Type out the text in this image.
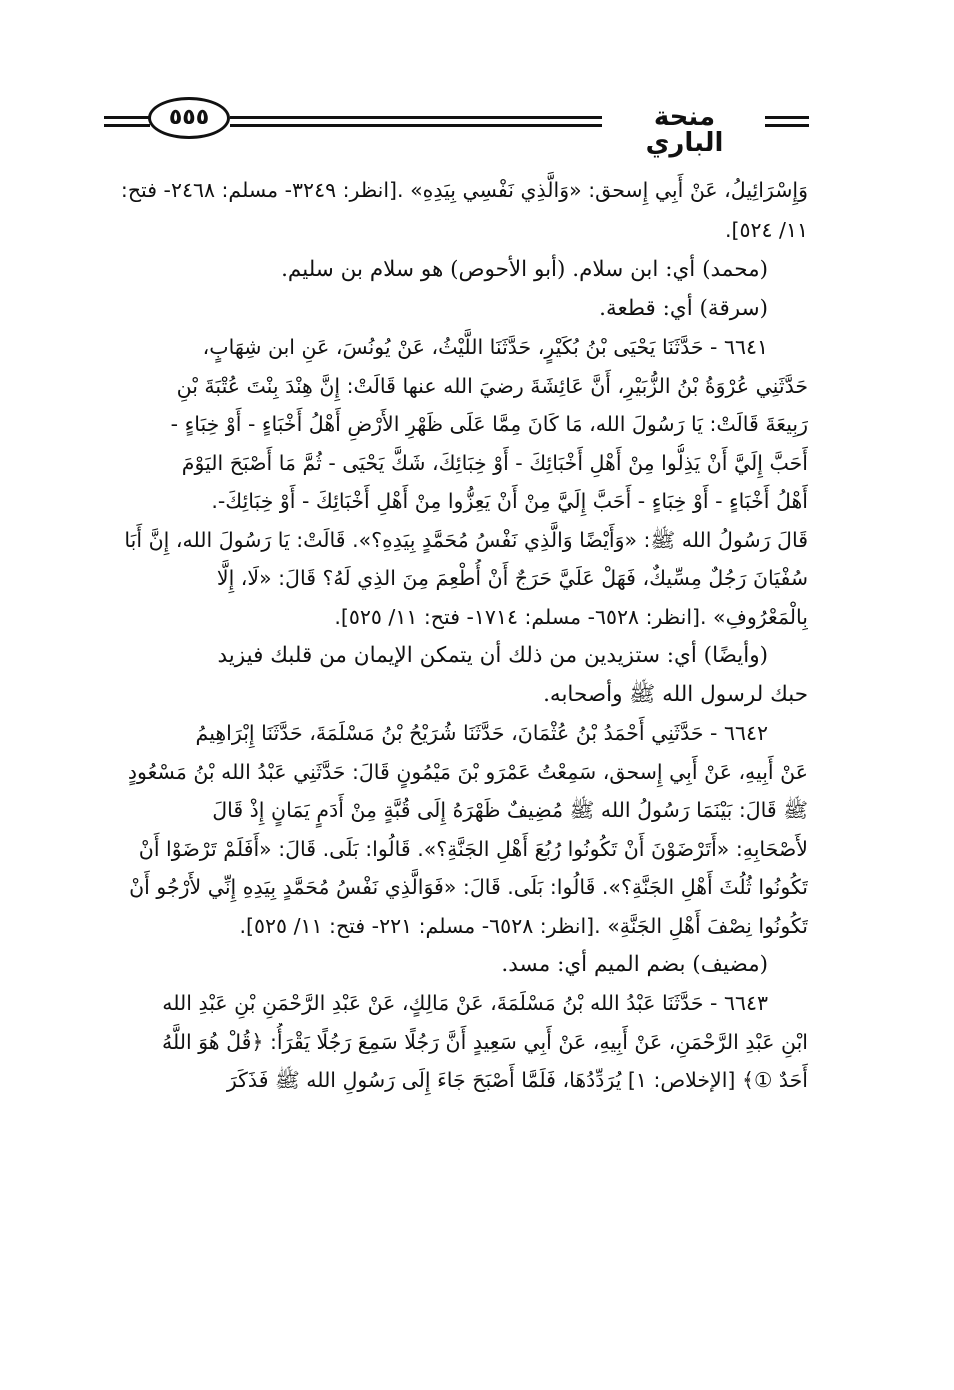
منحة الباري
٥٥٥
وَإِسْرَائِيلُ، عَنْ أَبِي إِسحق: «وَالَّذِي نَفْسِي بِيَدِهِ» .[انظر: ٣٢٤٩- مسلم: ٢٤٦٨- فتح:
١١/ ٥٢٤].
(محمد) أي: ابن سلام. (أبو الأحوص) هو سلام بن سليم.
(سرقة) أي: قطعة.
٦٦٤١ - حَدَّثَنَا يَحْيَى بْنُ بُكَيْرٍ، حَدَّثَنَا اللَّيْثُ، عَنْ يُونُسَ، عَنِ ابن شِهَابٍ،
حَدَّثَنِي عُرْوَةُ بْنُ الزُّبَيْرِ، أَنَّ عَائِشَةَ رضيَ الله عنها قَالَتْ: إِنَّ هِنْدَ بِنْتَ عُتْبَةَ بْنِ
رَبِيعَةَ قَالَتْ: يَا رَسُولَ الله، مَا كَانَ مِمَّا عَلَى ظَهْرِ الأَرْضِ أَهْلُ أَخْبَاءٍ - أَوْ خِبَاءٍ -
أَحَبَّ إِلَيَّ أَنْ يَذِلُّوا مِنْ أَهْلِ أَخْبَائِكَ - أَوْ خِبَائِكَ، شَكَّ يَحْيَى - ثُمَّ مَا أَصْبَحَ اليَوْمَ
أَهْلُ أَخْبَاءٍ - أَوْ خِبَاءٍ - أَحَبَّ إِلَيَّ مِنْ أَنْ يَعِزُّوا مِنْ أَهْلِ أَخْبَائِكَ - أَوْ خِبَائِكَ-.
قَالَ رَسُولُ الله ﷺ: «وَأَيْضًا وَالَّذِي نَفْسُ مُحَمَّدٍ بِيَدِهِ؟». قَالَتْ: يَا رَسُولَ الله، إِنَّ أَبَا
سُفْيَانَ رَجُلٌ مِسِّيكٌ، فَهَلْ عَلَيَّ حَرَجٌ أَنْ أُطْعِمَ مِنَ الذِي لَهُ؟ قَالَ: «لَا، إِلَّا
بِالْمَعْرُوفِ» .[انظر: ٦٥٢٨- مسلم: ١٧١٤- فتح: ١١/ ٥٢٥].
(وأيضًا) أي: ستزيدين من ذلك أن يتمكن الإيمان من قلبك فيزيد
حبك لرسول الله ﷺ وأصحابه.
٦٦٤٢ - حَدَّثَنِي أَحْمَدُ بْنُ عُثْمَانَ، حَدَّثَنَا شُرَيْحُ بْنُ مَسْلَمَةَ، حَدَّثَنَا إِبْرَاهِيمُ
عَنْ أَبِيهِ، عَنْ أَبِي إِسحق، سَمِعْتُ عَمْرَو بْنَ مَيْمُونٍ قَالَ: حَدَّثَنِي عَبْدُ الله بْنُ مَسْعُودٍ
ﷺ قَالَ: بَيْنَمَا رَسُولُ الله ﷺ مُضِيفٌ ظَهْرَهُ إِلَى قُبَّةٍ مِنْ أَدَمٍ يَمَانٍ إِذْ قَالَ
لأَصْحَابِهِ: «أَتَرْضَوْنَ أَنْ تَكُونُوا رُبُعَ أَهْلِ الجَنَّةِ؟». قَالُوا: بَلَى. قَالَ: «أَفَلَمْ تَرْضَوْا أَنْ
تَكُونُوا ثُلُثَ أَهْلِ الجَنَّةِ؟». قَالُوا: بَلَى. قَالَ: «فَوَالَّذِي نَفْسُ مُحَمَّدٍ بِيَدِهِ إِنِّي لأَرْجُو أَنْ
تَكُونُوا نِصْفَ أَهْلِ الجَنَّةِ» .[انظر: ٦٥٢٨- مسلم: ٢٢١- فتح: ١١/ ٥٢٥].
(مضيف) بضم الميم أي: مسد.
٦٦٤٣ - حَدَّثَنَا عَبْدُ الله بْنُ مَسْلَمَةَ، عَنْ مَالِكٍ، عَنْ عَبْدِ الرَّحْمَنِ بْنِ عَبْدِ الله
ابْنِ عَبْدِ الرَّحْمَنِ، عَنْ أَبِيهِ، عَنْ أَبِي سَعِيدٍ أَنَّ رَجُلًا سَمِعَ رَجُلًا يَقْرَأُ: ﴿قُلْ هُوَ اللَّهُ
أَحَدٌ ①﴾ [الإخلاص: ١] يُرَدِّدُهَا، فَلَمَّا أَصْبَحَ جَاءَ إِلَى رَسُولِ الله ﷺ فَذَكَرَ
